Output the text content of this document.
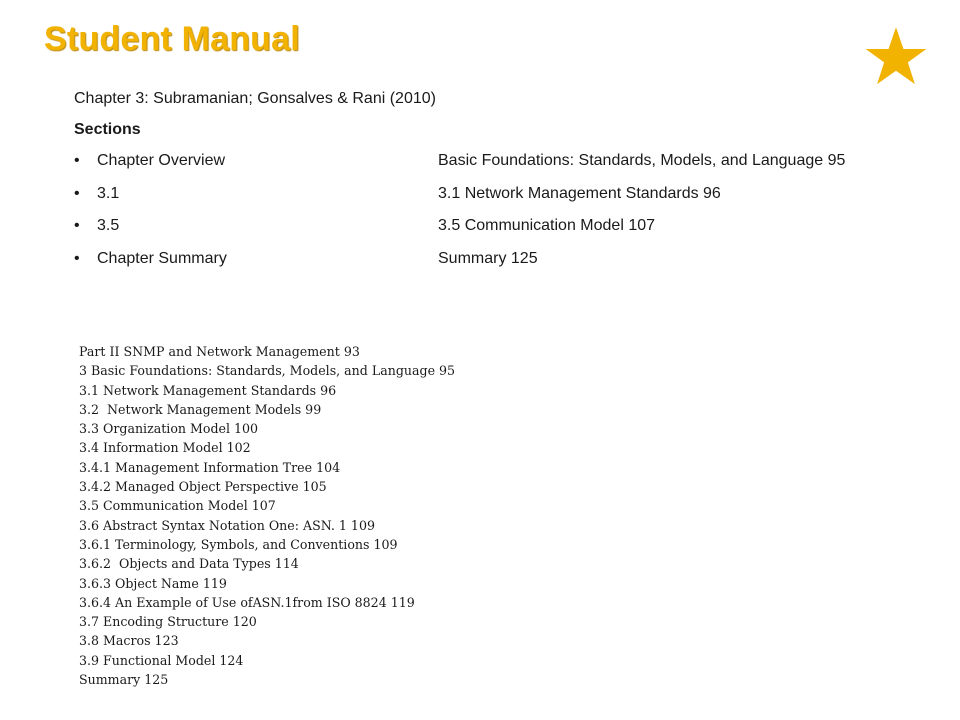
Student Manual
Chapter 3: Subramanian; Gonsalves & Rani (2010)
Sections
• Chapter Overview	Basic Foundations: Standards, Models, and Language 95
• 3.1	3.1 Network Management Standards 96
• 3.5	3.5 Communication Model 107
• Chapter Summary	Summary 125
Part II SNMP and Network Management 93
3 Basic Foundations: Standards, Models, and Language 95
3.1 Network Management Standards 96
3.2  Network Management Models 99
3.3 Organization Model 100
3.4 Information Model 102
3.4.1 Management Information Tree 104
3.4.2 Managed Object Perspective 105
3.5 Communication Model 107
3.6 Abstract Syntax Notation One: ASN. 1 109
3.6.1 Terminology, Symbols, and Conventions 109
3.6.2  Objects and Data Types 114
3.6.3 Object Name 119
3.6.4 An Example of Use ofASN.1from ISO 8824 119
3.7 Encoding Structure 120
3.8 Macros 123
3.9 Functional Model 124
Summary 125
